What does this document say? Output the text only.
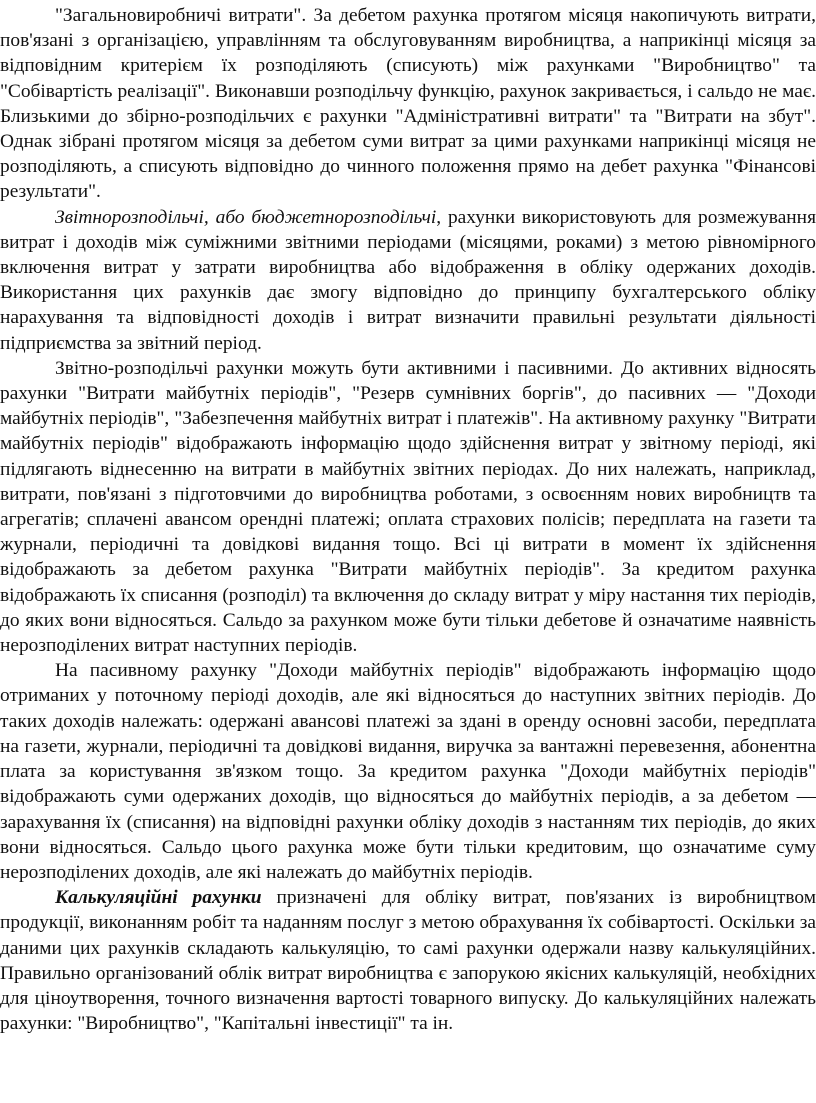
"Загальновиробничі витрати". За дебетом рахунка протягом місяця накопичують витрати, пов'язані з організацією, управлінням та обслуговуванням виробництва, а наприкінці місяця за відповідним критерієм їх розподіляють (списують) між рахунками "Виробництво" та "Собівартість реалізації". Виконавши розподільчу функцію, рахунок закривається, і сальдо не має. Близькими до збірно-розподільчих є рахунки "Адміністративні витрати" та "Витрати на збут". Однак зібрані протягом місяця за дебетом суми витрат за цими рахунками наприкінці місяця не розподіляють, а списують відповідно до чинного положення прямо на дебет рахунка "Фінансові результати".

Звітнорозподільчі, або бюджетнорозподільчі, рахунки використовують для розмежування витрат і доходів між суміжними звітними періодами (місяцями, роками) з метою рівномірного включення витрат у затрати виробництва або відображення в обліку одержаних доходів. Використання цих рахунків дає змогу відповідно до принципу бухгалтерського обліку нарахування та відповідності доходів і витрат визначити правильні результати діяльності підприємства за звітний період.

Звітно-розподільчі рахунки можуть бути активними і пасивними. До активних відносять рахунки "Витрати майбутніх періодів", "Резерв сумнівних боргів", до пасивних — "Доходи майбутніх періодів", "Забезпечення майбутніх витрат і платежів". На активному рахунку "Витрати майбутніх періодів" відображають інформацію щодо здійснення витрат у звітному періоді, які підлягають віднесенню на витрати в майбутніх звітних періодах. До них належать, наприклад, витрати, пов'язані з підготовчими до виробництва роботами, з освоєнням нових виробництв та агрегатів; сплачені авансом орендні платежі; оплата страхових полісів; передплата на газети та журнали, періодичні та довідкові видання тощо. Всі ці витрати в момент їх здійснення відображають за дебетом рахунка "Витрати майбутніх періодів". За кредитом рахунка відображають їх списання (розподіл) та включення до складу витрат у міру настання тих періодів, до яких вони відносяться. Сальдо за рахунком може бути тільки дебетове й означатиме наявність нерозподілених витрат наступних періодів.

На пасивному рахунку "Доходи майбутніх періодів" відображають інформацію щодо отриманих у поточному періоді доходів, але які відносяться до наступних звітних періодів. До таких доходів належать: одержані авансові платежі за здані в оренду основні засоби, передплата на газети, журнали, періодичні та довідкові видання, виручка за вантажні перевезення, абонентна плата за користування зв'язком тощо. За кредитом рахунка "Доходи майбутніх періодів" відображають суми одержаних доходів, що відносяться до майбутніх періодів, а за дебетом — зарахування їх (списання) на відповідні рахунки обліку доходів з настанням тих періодів, до яких вони відносяться. Сальдо цього рахунка може бути тільки кредитовим, що означатиме суму нерозподілених доходів, але які належать до майбутніх періодів.

Калькуляційні рахунки призначені для обліку витрат, пов'язаних із виробництвом продукції, виконанням робіт та наданням послуг з метою обрахування їх собівартості. Оскільки за даними цих рахунків складають калькуляцію, то самі рахунки одержали назву калькуляційних. Правильно організований облік витрат виробництва є запорукою якісних калькуляцій, необхідних для ціноутворення, точного визначення вартості товарного випуску. До калькуляційних належать рахунки: "Виробництво", "Капітальні інвестиції" та ін.
